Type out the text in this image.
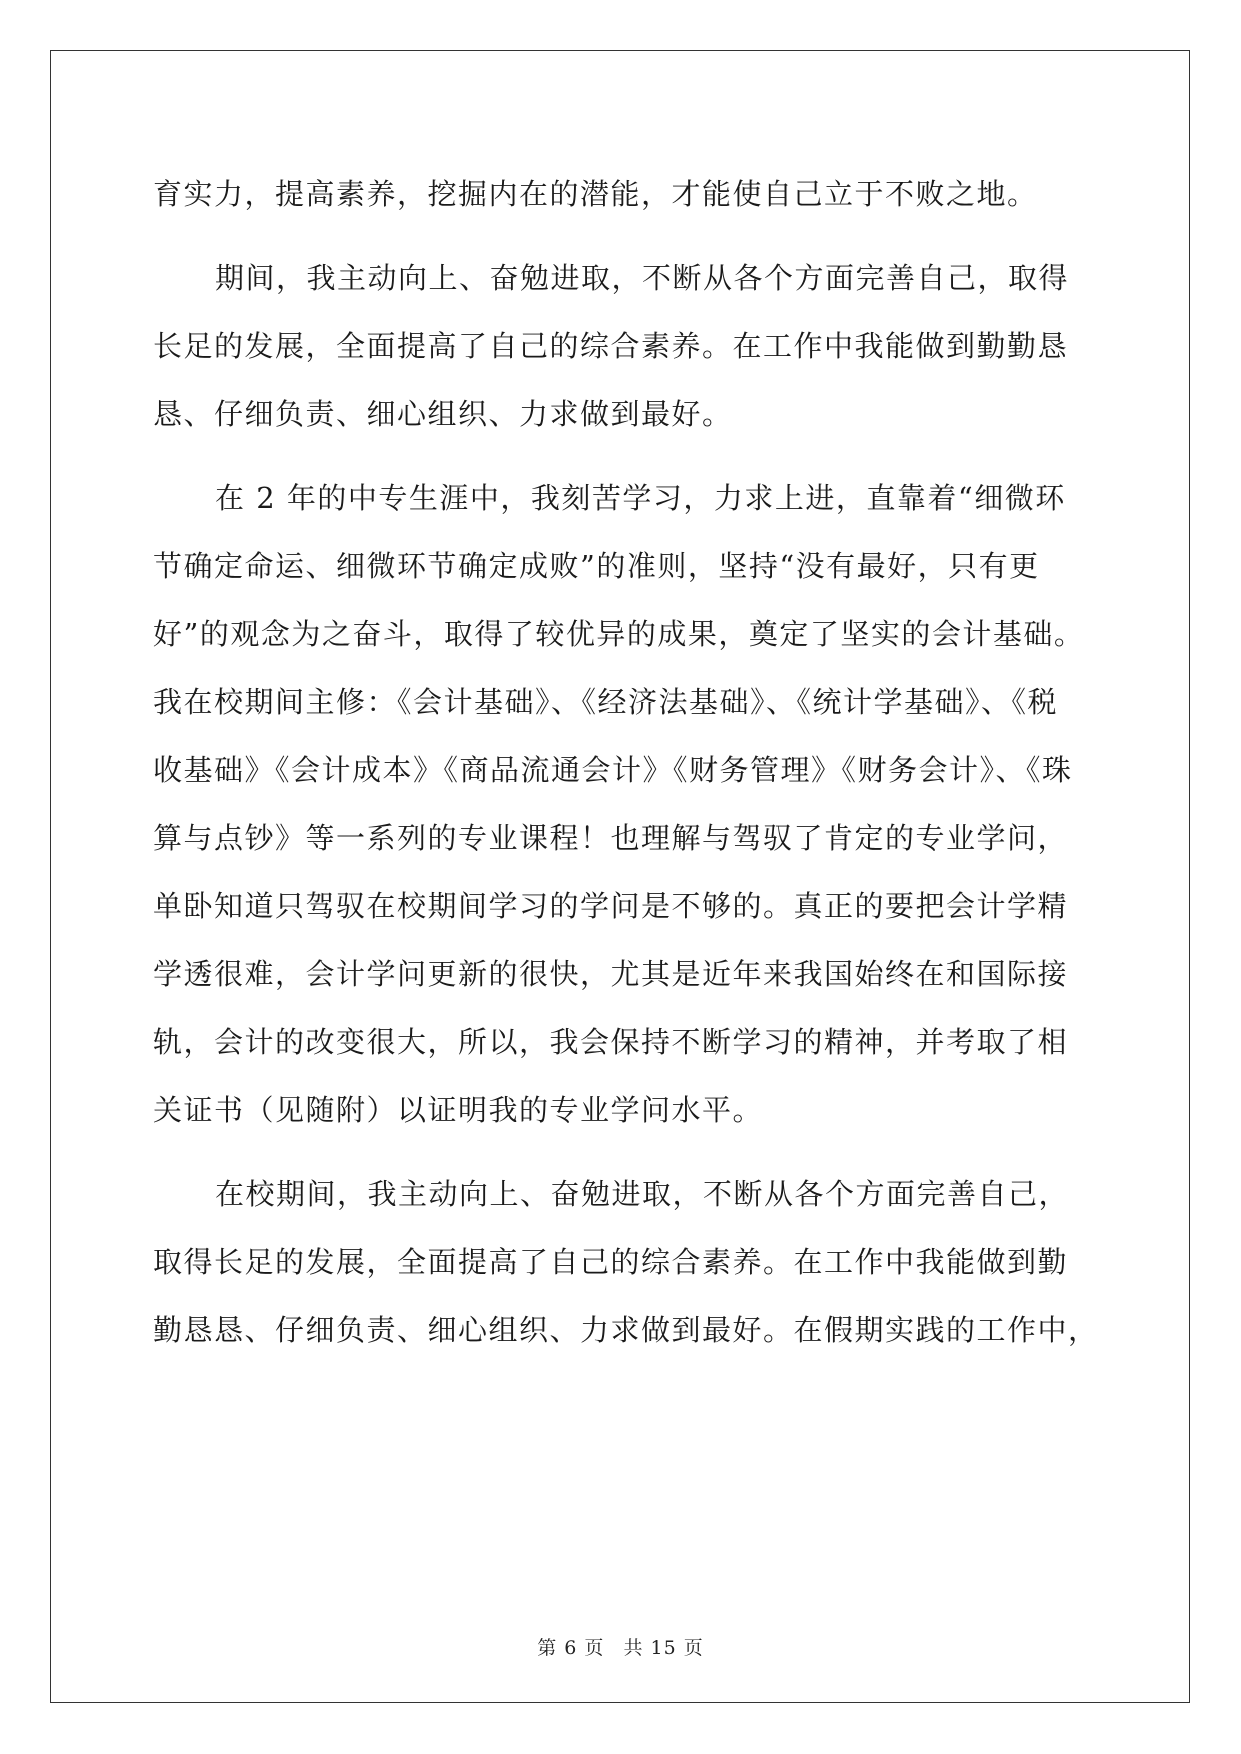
育实力，提高素养，挖掘内在的潜能，才能使自己立于不败之地。
期间，我主动向上、奋勉进取，不断从各个方面完善自己，取得
长足的发展，全面提高了自己的综合素养。在工作中我能做到勤勤恳
恳、仔细负责、细心组织、力求做到最好。
在 2 年的中专生涯中，我刻苦学习，力求上进，直靠着“细微环
节确定命运、细微环节确定成败”的准则，坚持“没有最好，只有更
好”的观念为之奋斗，取得了较优异的成果，奠定了坚实的会计基础。
我在校期间主修：《会计基础》、《经济法基础》、《统计学基础》、《税
收基础》《会计成本》《商品流通会计》《财务管理》《财务会计》、《珠
算与点钞》等一系列的专业课程！也理解与驾驭了肯定的专业学问，
单卧知道只驾驭在校期间学习的学问是不够的。真正的要把会计学精
学透很难，会计学问更新的很快，尤其是近年来我国始终在和国际接
轨，会计的改变很大，所以，我会保持不断学习的精神，并考取了相
关证书（见随附）以证明我的专业学问水平。
在校期间，我主动向上、奋勉进取，不断从各个方面完善自己，
取得长足的发展，全面提高了自己的综合素养。在工作中我能做到勤
勤恳恳、仔细负责、细心组织、力求做到最好。在假期实践的工作中，
第 6 页 共 15 页
